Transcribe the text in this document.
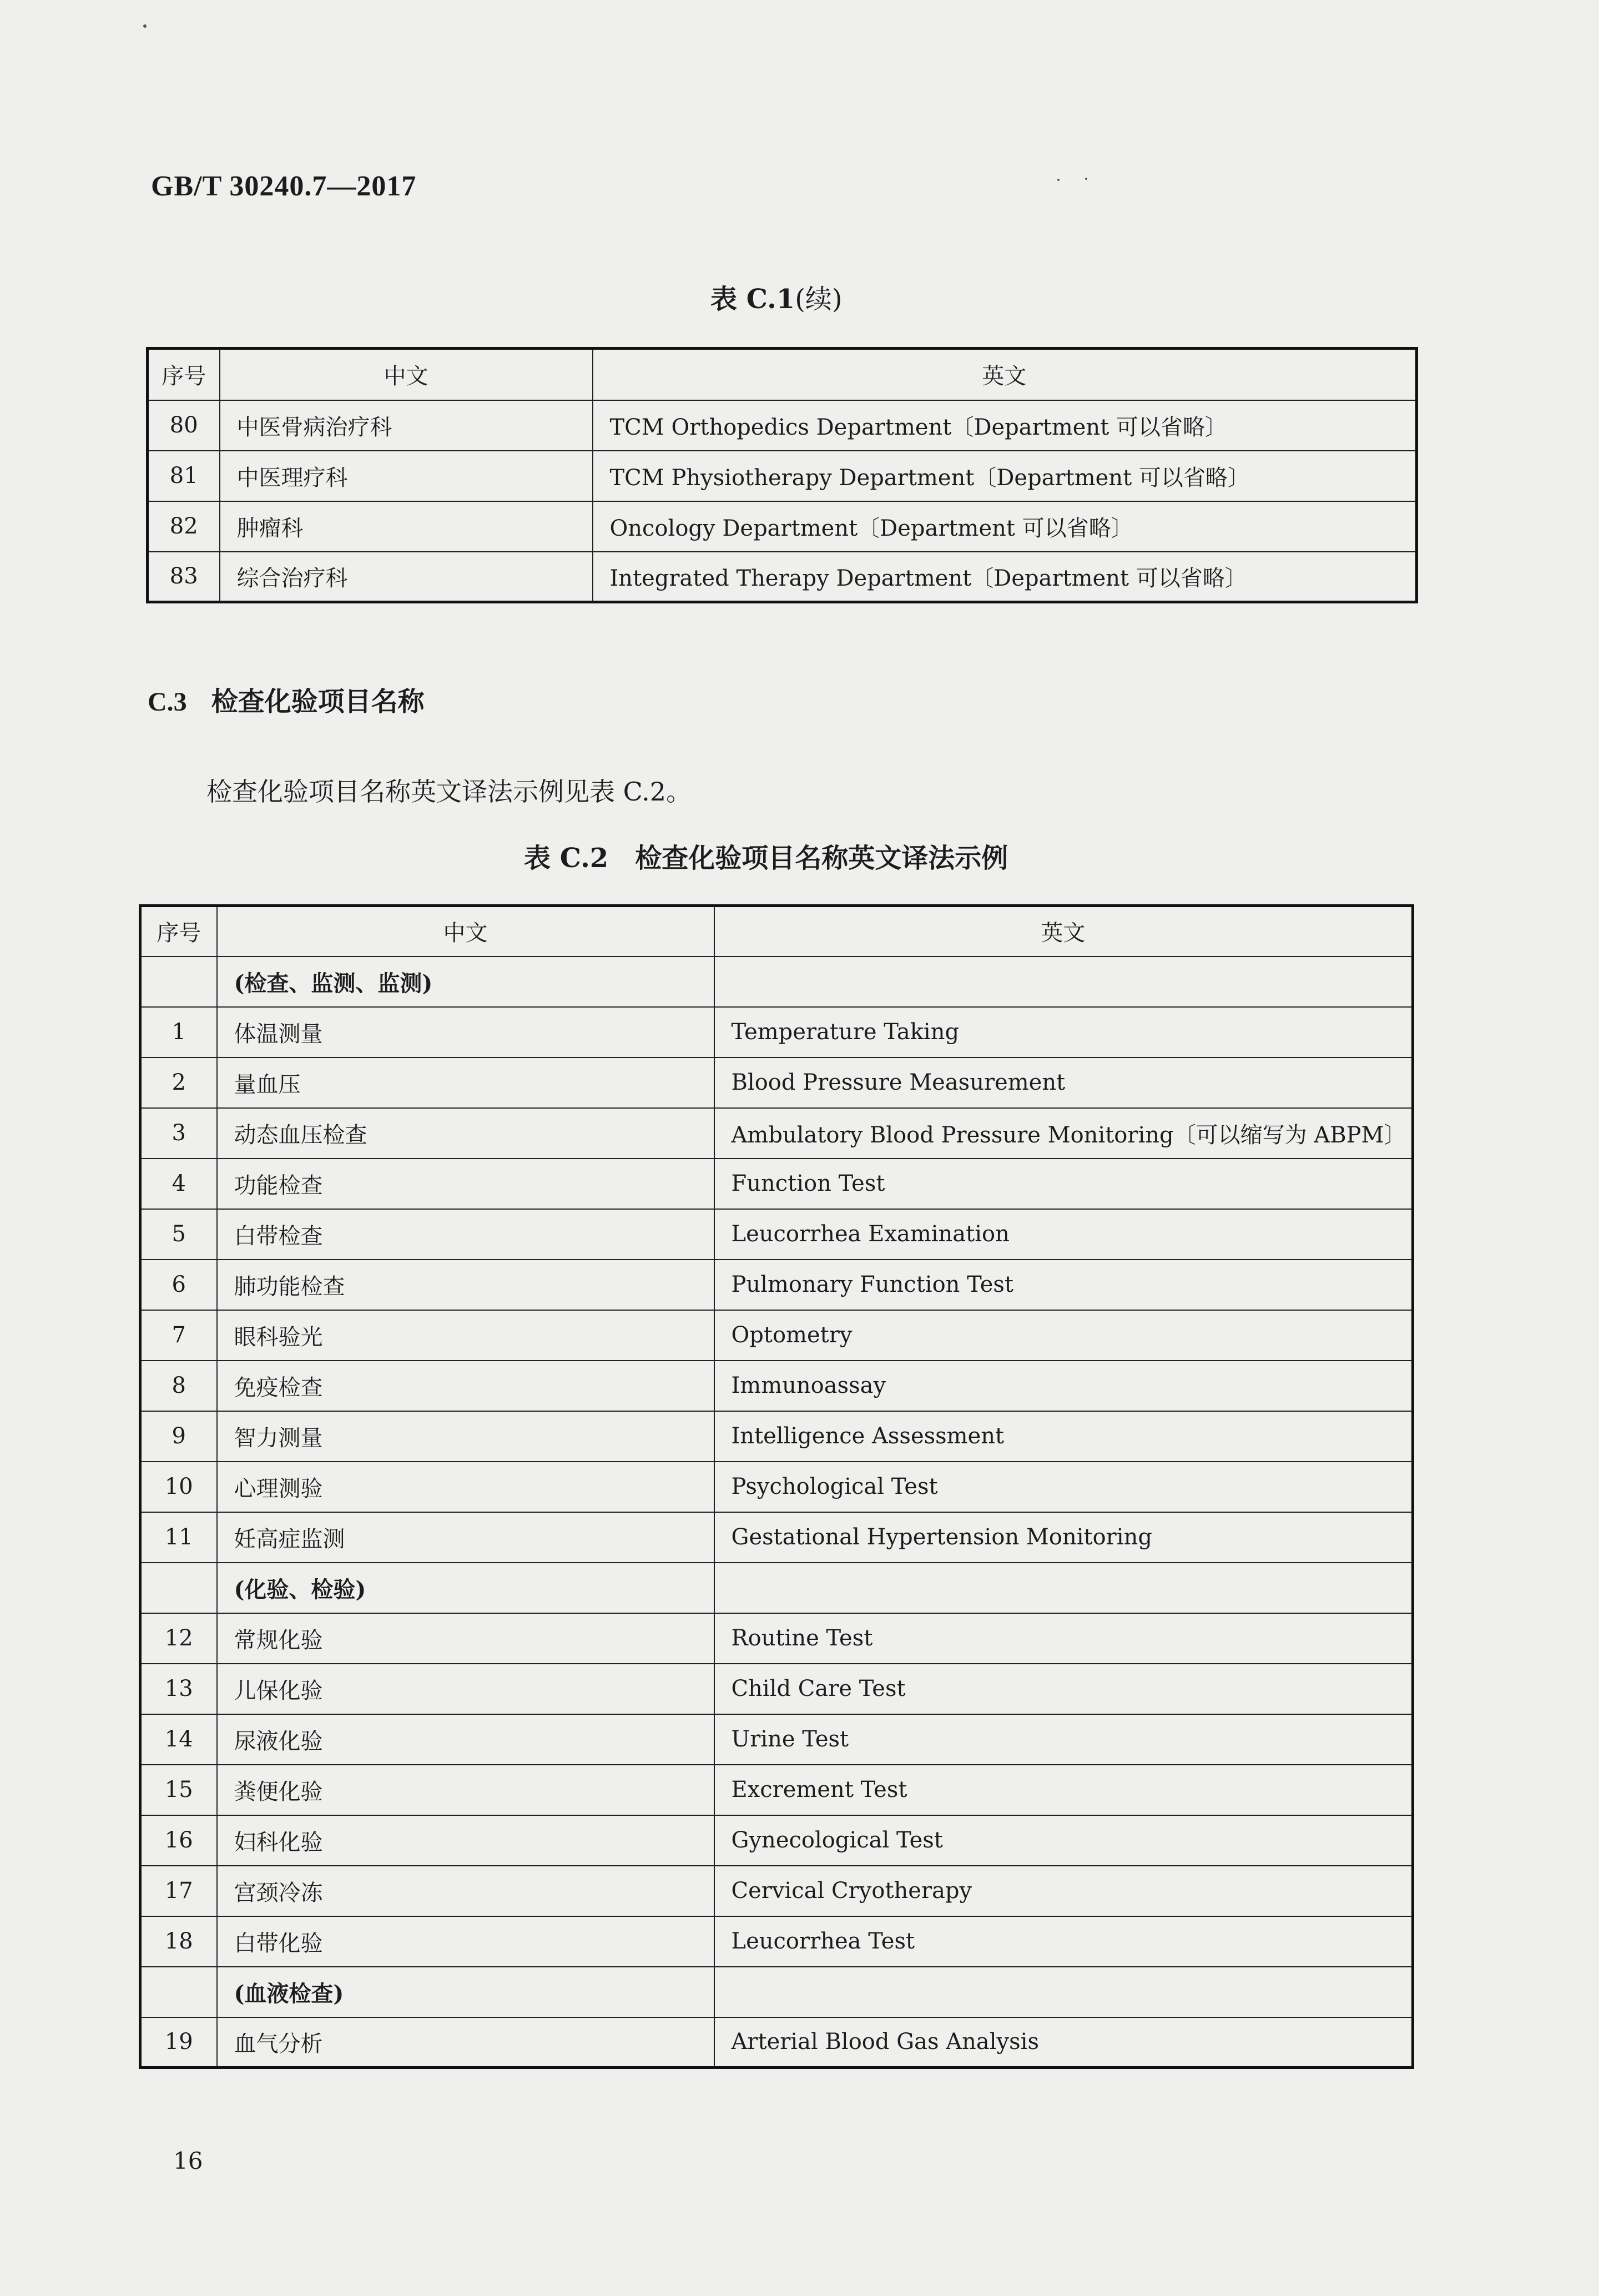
GB/T 30240.7—2017
表 C.1(续)
序号	中文	英文
80	中医骨病治疗科	TCM Orthopedics Department〔Department 可以省略〕
81	中医理疗科	TCM Physiotherapy Department〔Department 可以省略〕
82	肿瘤科	Oncology Department〔Department 可以省略〕
83	综合治疗科	Integrated Therapy Department〔Department 可以省略〕
C.3 检查化验项目名称
检查化验项目名称英文译法示例见表 C.2。
表 C.2 检查化验项目名称英文译法示例
序号	中文	英文
	(检查、监测、监测)	
1	体温测量	Temperature Taking
2	量血压	Blood Pressure Measurement
3	动态血压检查	Ambulatory Blood Pressure Monitoring〔可以缩写为 ABPM〕
4	功能检查	Function Test
5	白带检查	Leucorrhea Examination
6	肺功能检查	Pulmonary Function Test
7	眼科验光	Optometry
8	免疫检查	Immunoassay
9	智力测量	Intelligence Assessment
10	心理测验	Psychological Test
11	妊高症监测	Gestational Hypertension Monitoring
	(化验、检验)	
12	常规化验	Routine Test
13	儿保化验	Child Care Test
14	尿液化验	Urine Test
15	粪便化验	Excrement Test
16	妇科化验	Gynecological Test
17	宫颈冷冻	Cervical Cryotherapy
18	白带化验	Leucorrhea Test
	(血液检查)	
19	血气分析	Arterial Blood Gas Analysis
16
